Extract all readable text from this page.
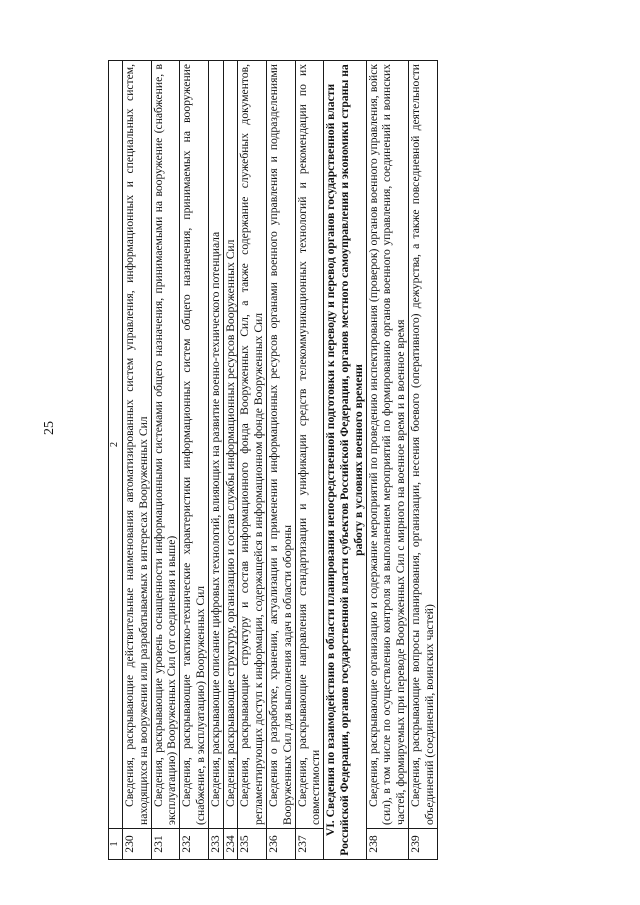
25
1	2
230	Сведения, раскрывающие действительные наименования автоматизированных систем управления, информационных и специальных систем, находящихся на вооружении или разрабатываемых в интересах Вооруженных Сил
231	Сведения, раскрывающие уровень оснащенности информационными системами общего назначения, принимаемыми на вооружение (снабжение, в эксплуатацию) Вооруженных Сил (от соединения и выше)
232	Сведения, раскрывающие тактико-технические характеристики информационных систем общего назначения, принимаемых на вооружение (снабжение, в эксплуатацию) Вооруженных Сил
233	Сведения, раскрывающие описание цифровых технологий, влияющих на развитие военно-технического потенциала
234	Сведения, раскрывающие структуру, организацию и состав службы информационных ресурсов Вооруженных Сил
235	Сведения, раскрывающие структуру и состав информационного фонда Вооруженных Сил, а также содержание служебных документов, регламентирующих доступ к информации, содержащейся в информационном фонде Вооруженных Сил
236	Сведения о разработке, хранении, актуализации и применении информационных ресурсов органами военного управления и подразделениями Вооруженных Сил для выполнения задач в области обороны
237	Сведения, раскрывающие направления стандартизации и унификации средств телекоммуникационных технологий и рекомендации по их совместимости
VI. Сведения по взаимодействию в области планирования непосредственной подготовки к переводу и перевод органов государственной власти Российской Федерации, органов государственной власти субъектов Российской Федерации, органов местного самоуправления и экономики страны на работу в условиях военного времени	
238	Сведения, раскрывающие организацию и содержание мероприятий по проведению инспектирования (проверок) органов военного управления, войск (сил), в том числе по осуществлению контроля за выполнением мероприятий по формированию органов военного управления, соединений и воинских частей, формируемых при переводе Вооруженных Сил с мирного на военное время и в военное время
239	Сведения, раскрывающие вопросы планирования, организации, несения боевого (оперативного) дежурства, а также повседневной деятельности объединений (соединений, воинских частей)
